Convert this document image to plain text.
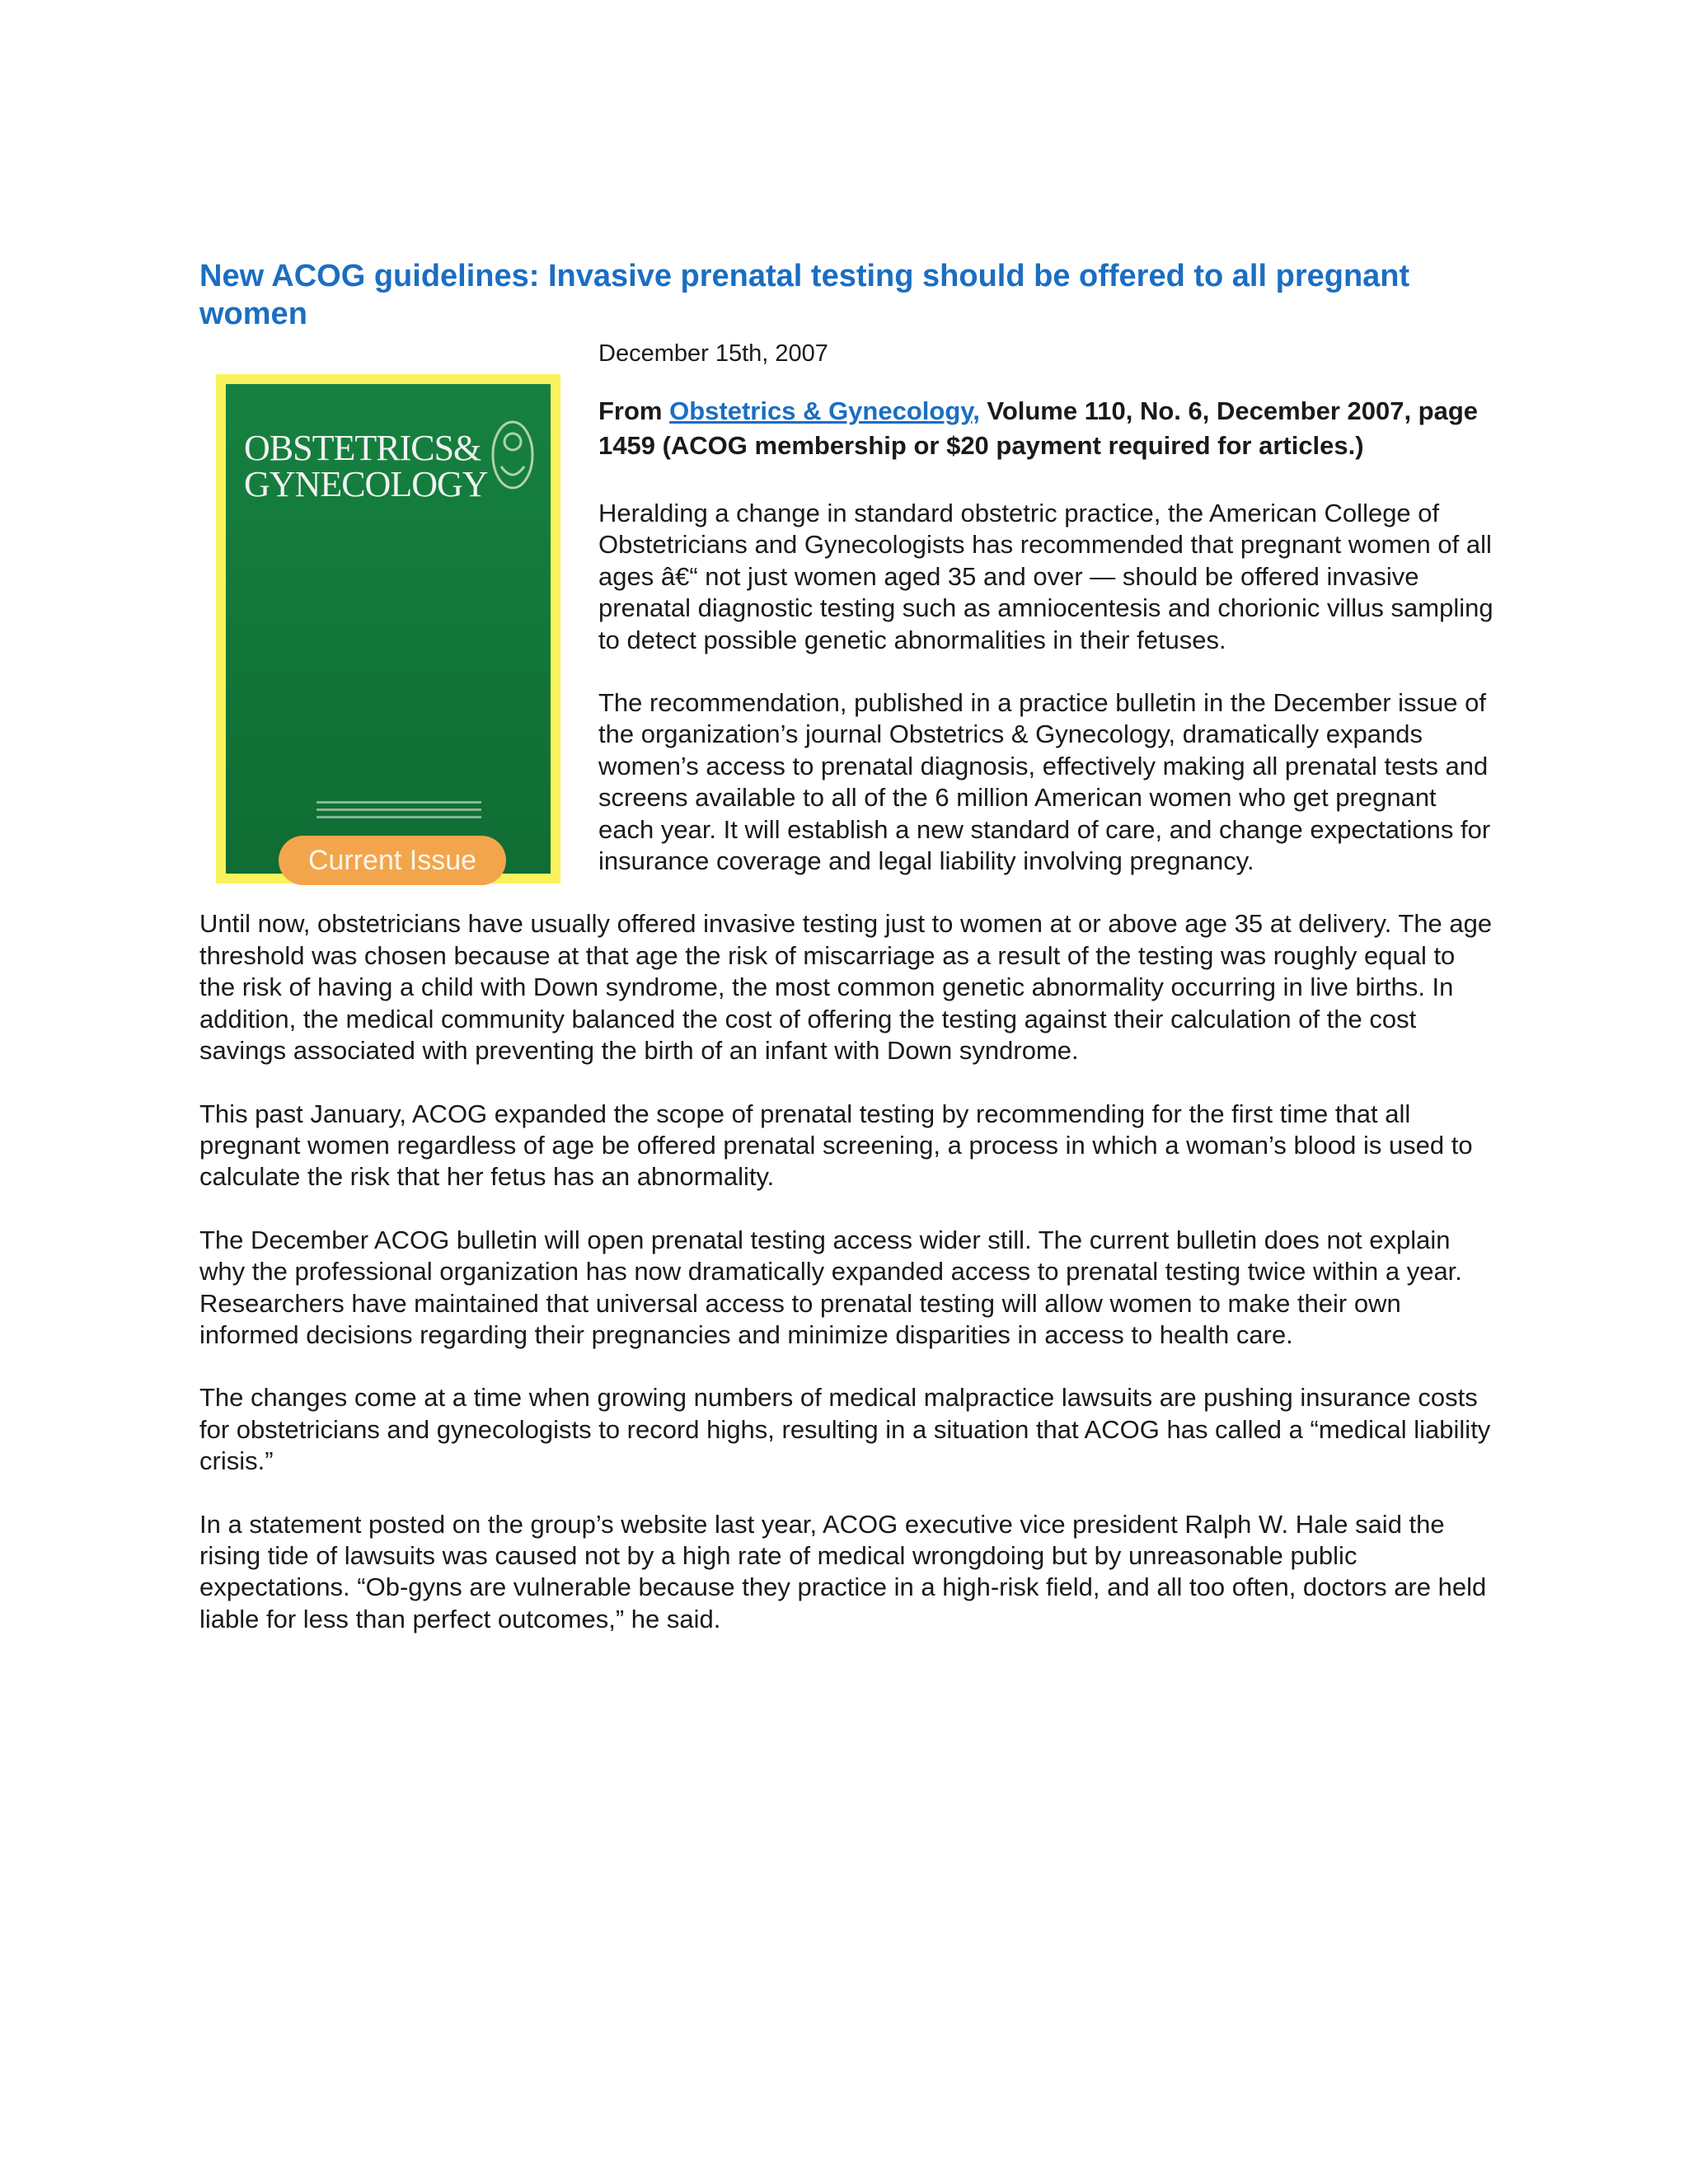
New ACOG guidelines: Invasive prenatal testing should be offered to all pregnant women
OBSTETRICS&
GYNECOLOGY
Current Issue
December 15th, 2007
From Obstetrics & Gynecology, Volume 110, No. 6, December 2007, page 1459 (ACOG membership or $20 payment required for articles.)

Heralding a change in standard obstetric practice, the American College of Obstetricians and Gynecologists has recommended that pregnant women of all ages â€“ not just women aged 35 and over — should be offered invasive prenatal diagnostic testing such as amniocentesis and chorionic villus sampling to detect possible genetic abnormalities in their fetuses.

The recommendation, published in a practice bulletin in the December issue of the organization’s journal Obstetrics & Gynecology, dramatically expands women’s access to prenatal diagnosis, effectively making all prenatal tests and screens available to all of the 6 million American women who get pregnant each year. It will establish a new standard of care, and change expectations for insurance coverage and legal liability involving pregnancy.

Until now, obstetricians have usually offered invasive testing just to women at or above age 35 at delivery. The age threshold was chosen because at that age the risk of miscarriage as a result of the testing was roughly equal to the risk of having a child with Down syndrome, the most common genetic abnormality occurring in live births. In addition, the medical community balanced the cost of offering the testing against their calculation of the cost savings associated with preventing the birth of an infant with Down syndrome.

This past January, ACOG expanded the scope of prenatal testing by recommending for the first time that all pregnant women regardless of age be offered prenatal screening, a process in which a woman’s blood is used to calculate the risk that her fetus has an abnormality.

The December ACOG bulletin will open prenatal testing access wider still. The current bulletin does not explain why the professional organization has now dramatically expanded access to prenatal testing twice within a year. Researchers have maintained that universal access to prenatal testing will allow women to make their own informed decisions regarding their pregnancies and minimize disparities in access to health care.

The changes come at a time when growing numbers of medical malpractice lawsuits are pushing insurance costs for obstetricians and gynecologists to record highs, resulting in a situation that ACOG has called a “medical liability crisis.”

In a statement posted on the group’s website last year, ACOG executive vice president Ralph W. Hale said the rising tide of lawsuits was caused not by a high rate of medical wrongdoing but by unreasonable public expectations. “Ob-gyns are vulnerable because they practice in a high-risk field, and all too often, doctors are held liable for less than perfect outcomes,” he said.
